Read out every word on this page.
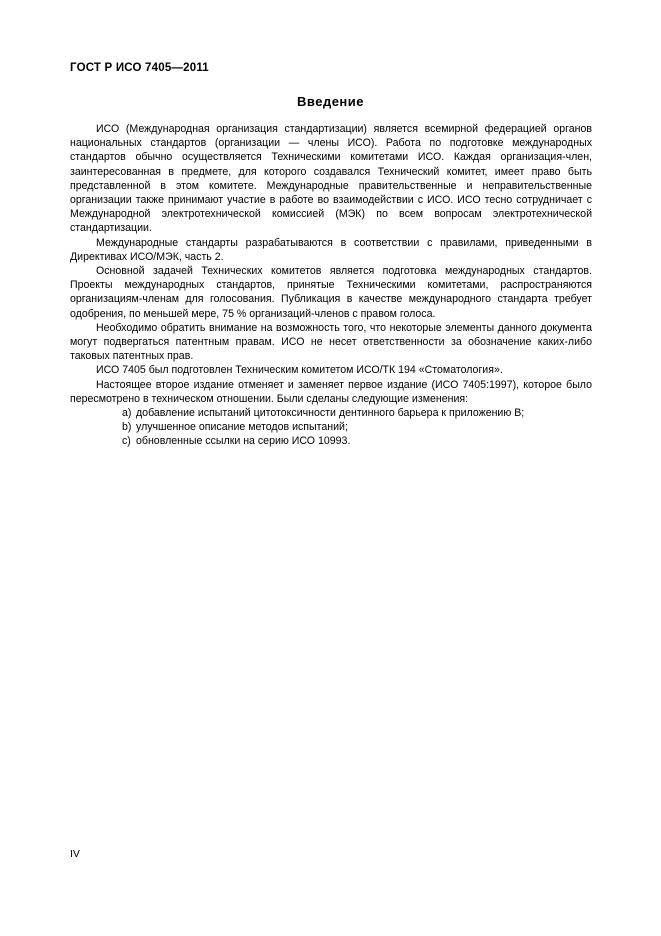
ГОСТ Р ИСО 7405—2011
Введение

ИСО (Международная организация стандартизации) является всемирной федерацией органов национальных стандартов (организации — члены ИСО). Работа по подготовке международных стандартов обычно осуществляется Техническими комитетами ИСО. Каждая организация-член, заинтересованная в предмете, для которого создавался Технический комитет, имеет право быть представленной в этом комитете. Международные правительственные и неправительственные организации также принимают участие в работе во взаимодействии с ИСО. ИСО тесно сотрудничает с Международной электротехнической комиссией (МЭК) по всем вопросам электротехнической стандартизации.

Международные стандарты разрабатываются в соответствии с правилами, приведенными в Директивах ИСО/МЭК, часть 2.

Основной задачей Технических комитетов является подготовка международных стандартов. Проекты международных стандартов, принятые Техническими комитетами, распространяются организациям-членам для голосования. Публикация в качестве международного стандарта требует одобрения, по меньшей мере, 75 % организаций-членов с правом голоса.

Необходимо обратить внимание на возможность того, что некоторые элементы данного документа могут подвергаться патентным правам. ИСО не несет ответственности за обозначение каких-либо таковых патентных прав.

ИСО 7405 был подготовлен Техническим комитетом ИСО/ТК 194 «Стоматология».

Настоящее второе издание отменяет и заменяет первое издание (ИСО 7405:1997), которое было пересмотрено в техническом отношении. Были сделаны следующие изменения:

a) добавление испытаний цитотоксичности дентинного барьера к приложению В;

b) улучшенное описание методов испытаний;

c) обновленные ссылки на серию ИСО 10993.

IV
